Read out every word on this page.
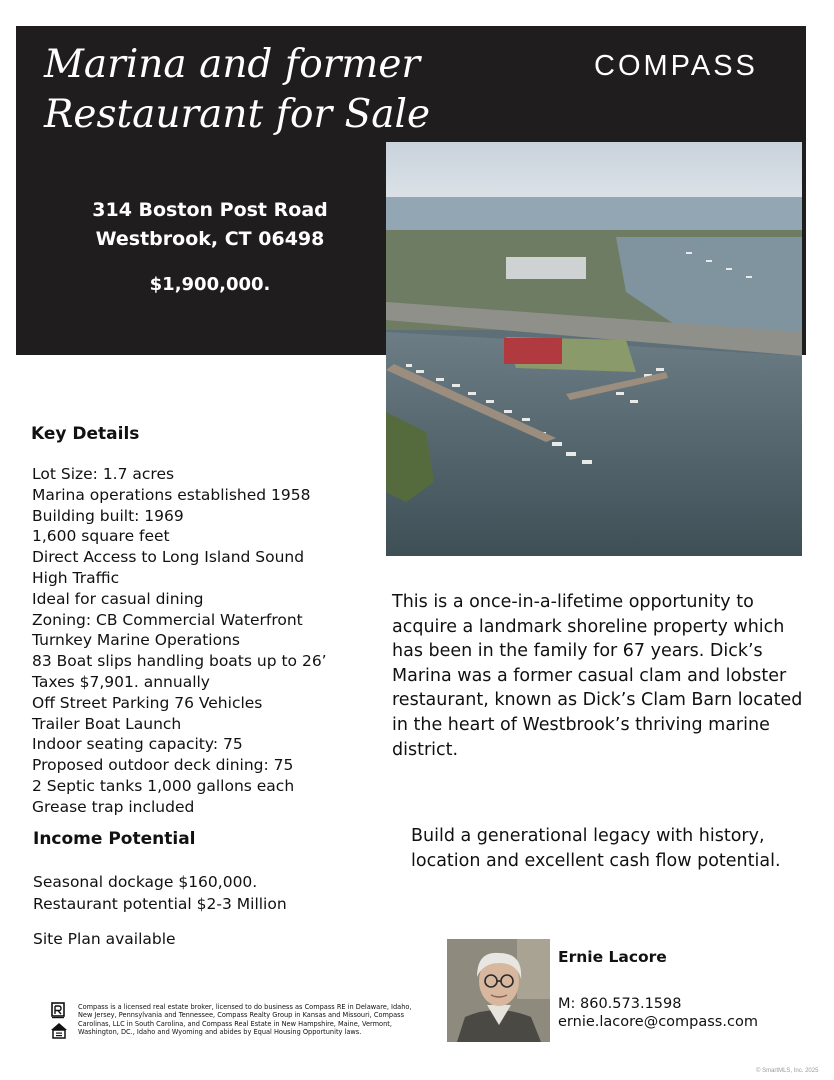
Marina and former
Restaurant for Sale
COMPASS
314 Boston Post Road
Westbrook, CT 06498
$1,900,000.
Key Details
Lot Size: 1.7 acres
Marina operations established 1958
Building built: 1969
1,600 square feet
Direct Access to Long Island Sound
High Traffic
Ideal for casual dining
Zoning: CB Commercial Waterfront
Turnkey Marine Operations
83 Boat slips handling boats up to 26’
Taxes $7,901. annually
Off Street Parking 76 Vehicles
Trailer Boat Launch
Indoor seating capacity: 75
Proposed outdoor deck dining: 75
2 Septic tanks 1,000 gallons each
Grease trap included
Income Potential
Seasonal dockage $160,000.
Restaurant potential $2-3 Million
Site Plan available
This is a once-in-a-lifetime opportunity to acquire a landmark shoreline property which has been in the family for 67 years. Dick’s Marina was a former casual clam and lobster restaurant, known as Dick’s Clam Barn located in the heart of Westbrook’s thriving marine district.
Build a generational legacy with history, location and excellent cash flow potential.
Ernie Lacore
M: 860.573.1598
ernie.lacore@compass.com
Compass is a licensed real estate broker, licensed to do business as Compass RE in Delaware, Idaho, New Jersey, Pennsylvania and Tennessee, Compass Realty Group in Kansas and Missouri, Compass Carolinas, LLC in South Carolina, and Compass Real Estate in New Hampshire, Maine, Vermont, Washington, DC., Idaho and Wyoming and abides by Equal Housing Opportunity laws.
© SmartMLS, Inc. 2025
